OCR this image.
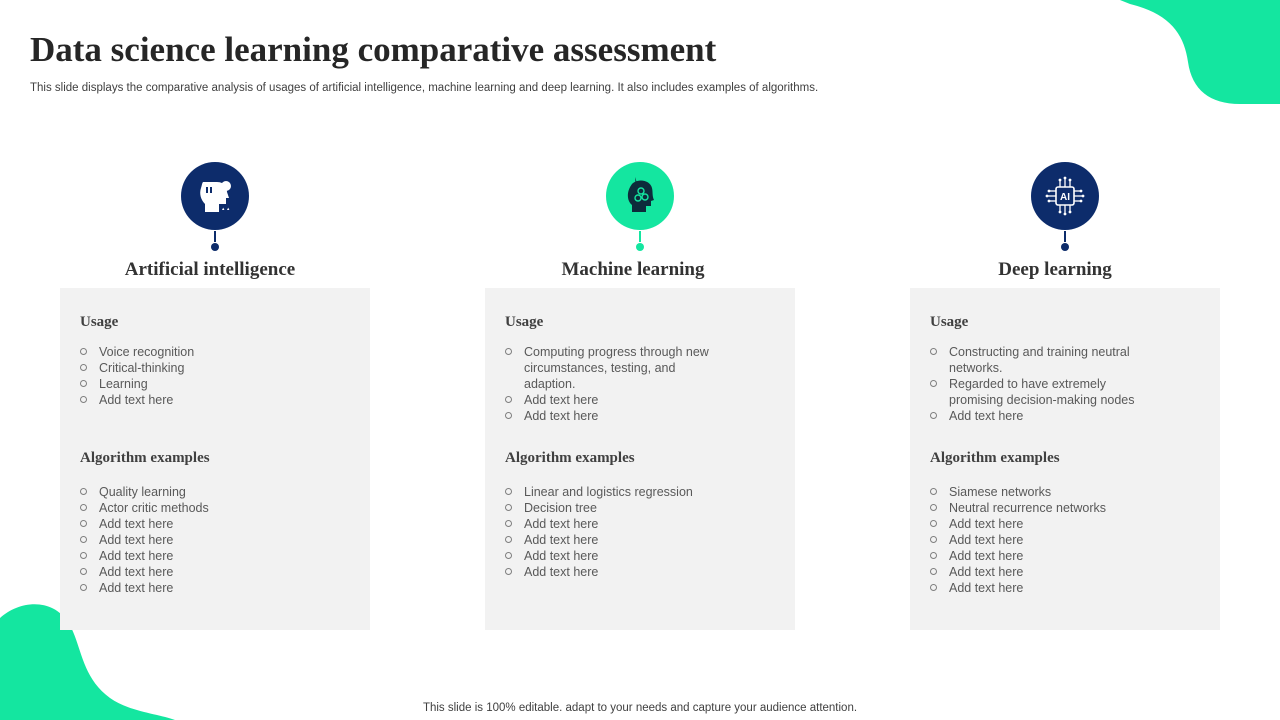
Data science learning comparative assessment

This slide displays the comparative analysis of usages of artificial intelligence, machine learning and deep learning. It also includes examples of algorithms.

Artificial intelligence
Usage
Voice recognition
Critical-thinking
Learning
Add text here
Algorithm examples
Quality learning
Actor critic methods
Add text here
Add text here
Add text here
Add text here
Add text here
Machine learning
Usage
Computing progress through new circumstances, testing, and adaption.
Add text here
Add text here
Algorithm examples
Linear and logistics regression
Decision tree
Add text here
Add text here
Add text here
Add text here
AI
Deep learning
Usage
Constructing and training neutral networks.
Regarded to have extremely promising decision-making nodes
Add text here
Algorithm examples
Siamese networks
Neutral recurrence networks
Add text here
Add text here
Add text here
Add text here
Add text here

This slide is 100% editable. adapt to your needs and capture your audience attention.
